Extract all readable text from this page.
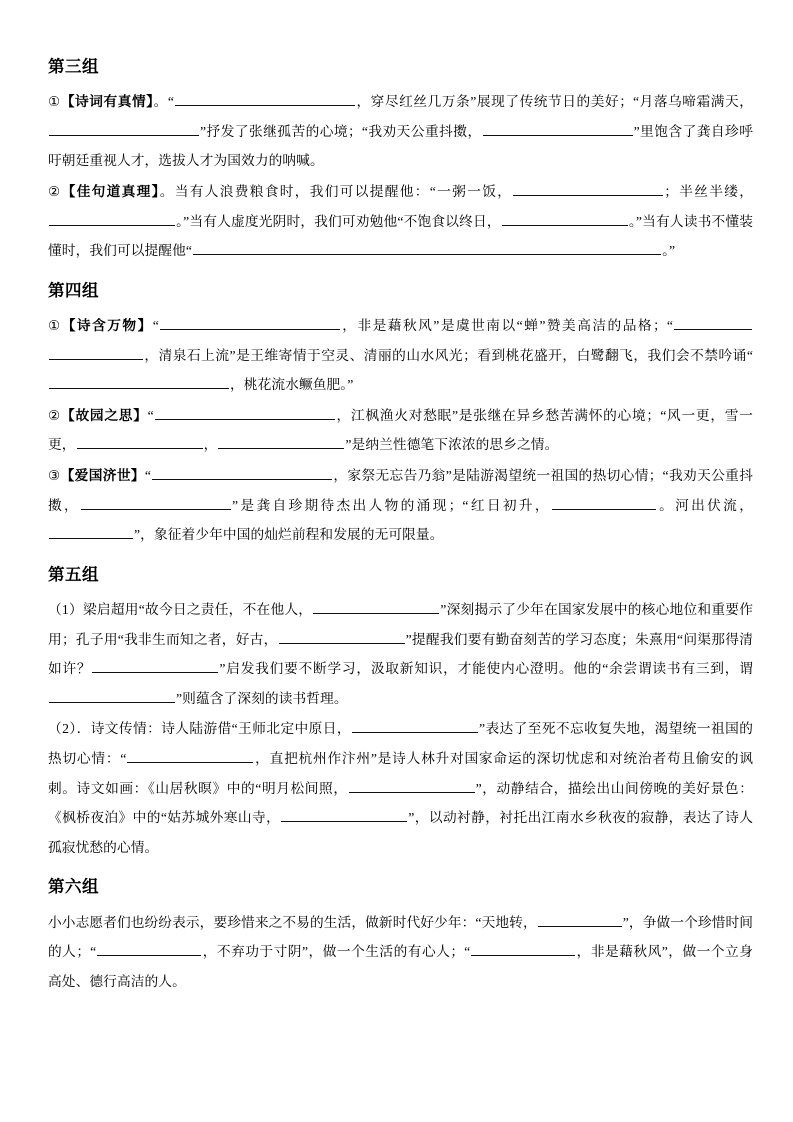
第三组

①【诗词有真情】。“	，穿尽红丝几万条”展现了传统节日的美好；“月落乌啼霜满天，”抒发了张继孤苦的心境；“我劝天公重抖擞，	”里饱含了龚自珍呼吁朝廷重视人才，选拔人才为国效力的呐喊。

②【佳句道真理】。当有人浪费粮食时，我们可以提醒他：“一粥一饭，	；半丝半缕，。”当有人虚度光阴时，我们可劝勉他“不饱食以终日，	。”当有人读书不懂装懂时，我们可以提醒他“	。”

第四组

①【诗含万物】“	，非是藉秋风”是虞世南以“蝉”赞美高洁的品格；“，清泉石上流”是王维寄情于空灵、清丽的山水风光；看到桃花盛开，白鹭翻飞，我们会不禁吟诵“，桃花流水鳜鱼肥。”

②【故园之思】“	，江枫渔火对愁眠”是张继在异乡愁苦满怀的心境；“风一更，雪一更，	，	”是纳兰性德笔下浓浓的思乡之情。

③【爱国济世】“	，家祭无忘告乃翁”是陆游渴望统一祖国的热切心情；“我劝天公重抖擞，	”是龚自珍期待杰出人物的涌现；“红日初升，	。河出伏流，”，象征着少年中国的灿烂前程和发展的无可限量。

第五组

（1）梁启超用“故今日之责任，不在他人，	”深刻揭示了少年在国家发展中的核心地位和重要作用；孔子用“我非生而知之者，好古，	”提醒我们要有勤奋刻苦的学习态度；朱熹用“问渠那得清如许？	”启发我们要不断学习，汲取新知识，才能使内心澄明。他的“余尝谓读书有三到，谓”则蕴含了深刻的读书哲理。

（2）．诗文传情：诗人陆游借“王师北定中原日，	”表达了至死不忘收复失地，渴望统一祖国的热切心情：“	，直把杭州作汴州”是诗人林升对国家命运的深切忧虑和对统治者苟且偷安的讽刺。诗文如画：《山居秋暝》中的“明月松间照，	”，动静结合，描绘出山间傍晚的美好景色：《枫桥夜泊》中的“姑苏城外寒山寺，	”，以动衬静，衬托出江南水乡秋夜的寂静，表达了诗人孤寂忧愁的心情。

第六组

小小志愿者们也纷纷表示，要珍惜来之不易的生活，做新时代好少年：“天地转，	”，争做一个珍惜时间的人；“	，不弃功于寸阴”，做一个生活的有心人；“	，非是藉秋风”，做一个立身高处、德行高洁的人。
